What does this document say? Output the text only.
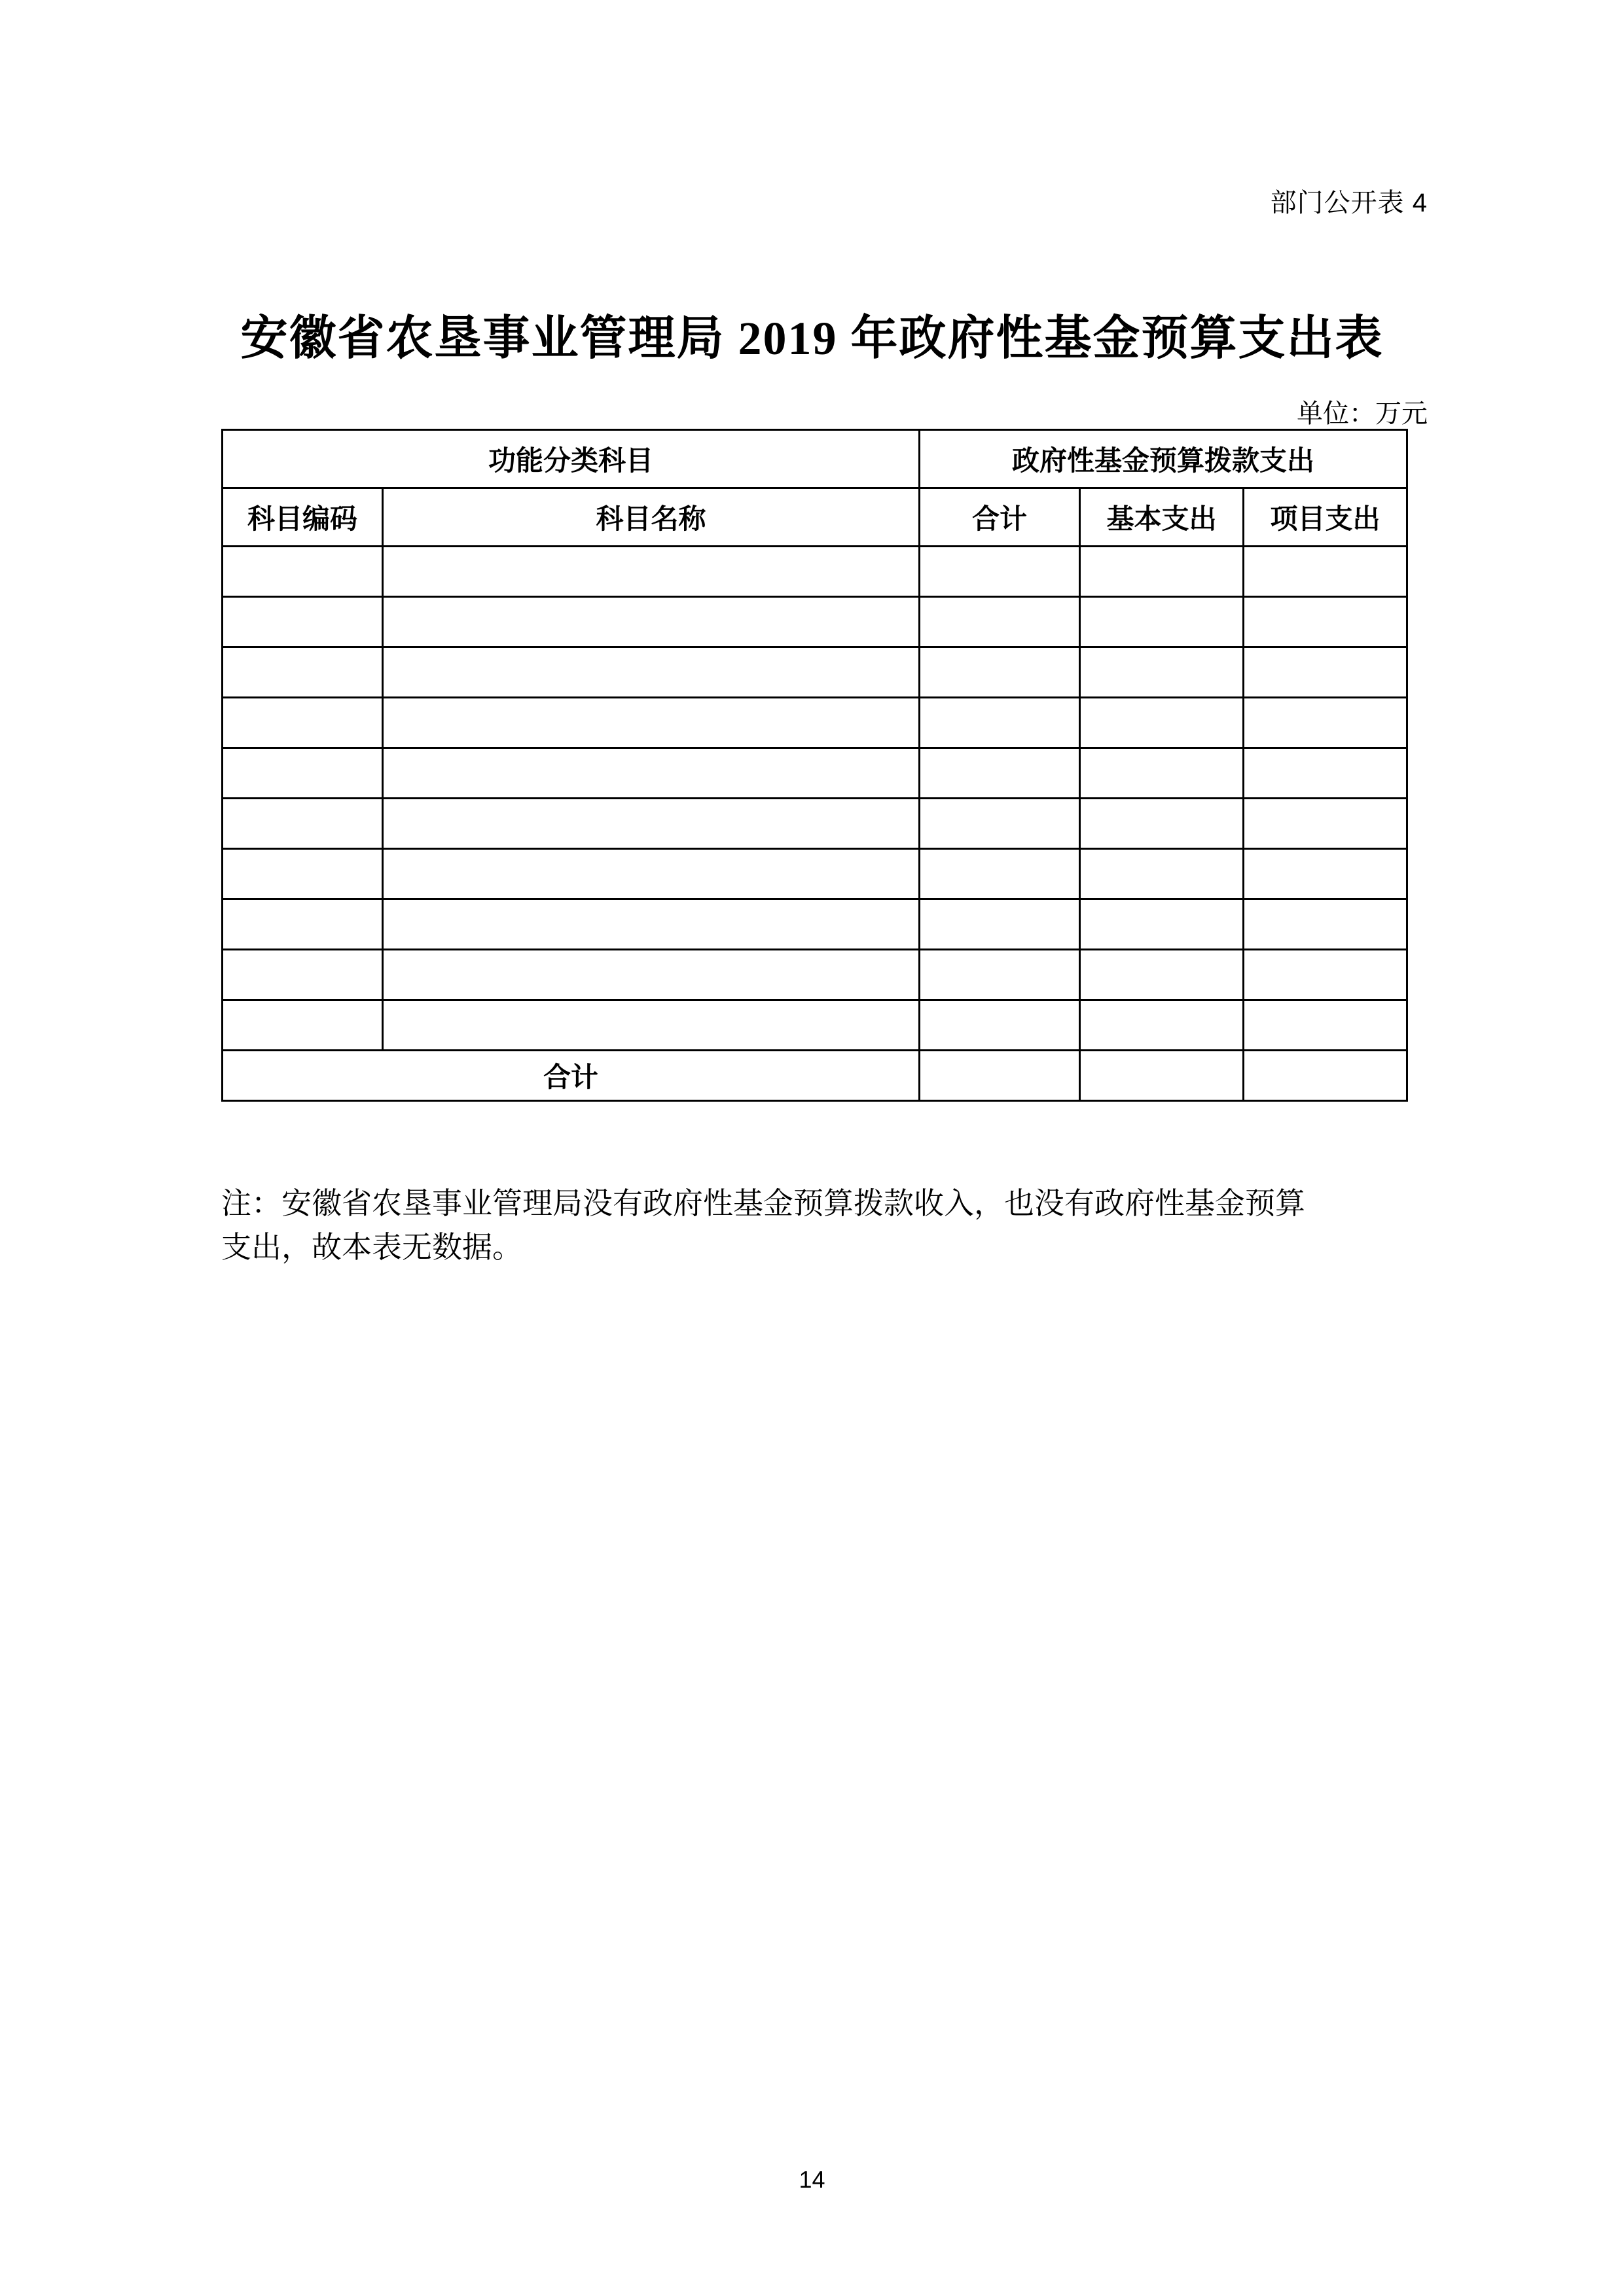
部门公开表 4
安徽省农垦事业管理局 2019 年政府性基金预算支出表
单位：万元
功能分类科目		政府性基金预算拨款支出		
科目编码	科目名称	合计	基本支出	项目支出

合计				
注：安徽省农垦事业管理局没有政府性基金预算拨款收入，也没有政府性基金预算
支出，故本表无数据。
14
